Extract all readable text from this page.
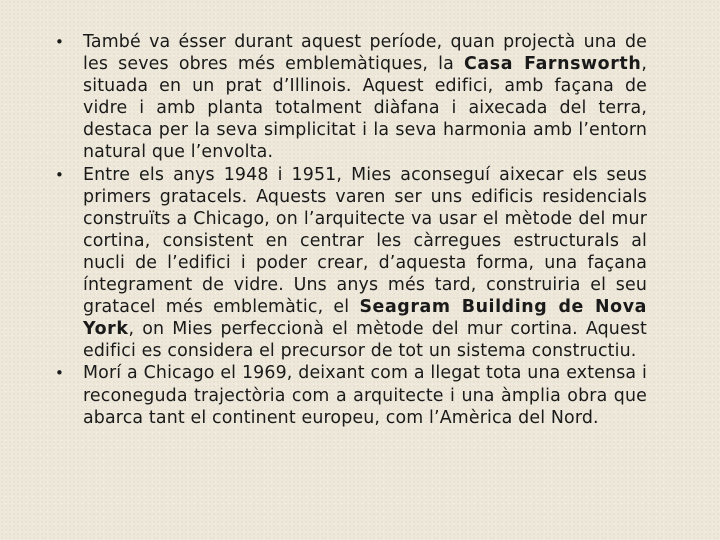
•	També va ésser durant aquest període, quan projectà una de les seves obres més emblemàtiques, la Casa Farnsworth, situada en un prat d’Illinois. Aquest edifici, amb façana de vidre i amb planta totalment diàfana i aixecada del terra, destaca per la seva simplicitat i la seva harmonia amb l’entorn natural que l’envolta.
•	Entre els anys 1948 i 1951, Mies aconseguí aixecar els seus primers gratacels. Aquests varen ser uns edificis residencials construïts a Chicago, on l’arquitecte va usar el mètode del mur cortina, consistent en centrar les càrregues estructurals al nucli de l’edifici i poder crear, d’aquesta forma, una façana íntegrament de vidre. Uns anys més tard, construiria el seu gratacel més emblemàtic, el Seagram Building de Nova York, on Mies perfeccionà el mètode del mur cortina. Aquest edifici es considera el precursor de tot un sistema constructiu.
•	Morí a Chicago el 1969, deixant com a llegat tota una extensa i reconeguda trajectòria com a arquitecte i una àmplia obra que abarca tant el continent europeu, com l’Amèrica del Nord.
